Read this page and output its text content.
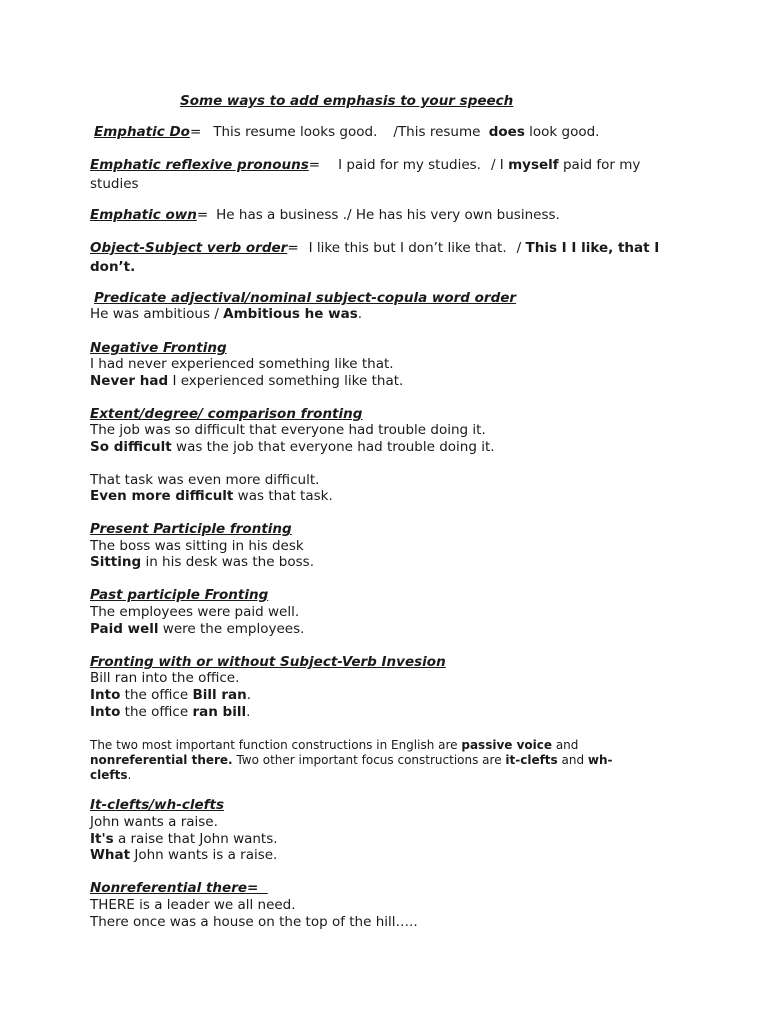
Some ways to add emphasis to your speech
Emphatic Do= This resume looks good. /This resume does look good.
Emphatic reflexive pronouns= I paid for my studies. / I myself paid for my
studies
Emphatic own= He has a business ./ He has his very own business.
Object-Subject verb order= I like this but I don’t like that. / This I I like, that I
don’t.
Predicate adjectival/nominal subject-copula word order
He was ambitious / Ambitious he was.
Negative Fronting
I had never experienced something like that.
Never had I experienced something like that.
Extent/degree/ comparison fronting
The job was so difficult that everyone had trouble doing it.
So difficult was the job that everyone had trouble doing it.
That task was even more difficult.
Even more difficult was that task.
Present Participle fronting
The boss was sitting in his desk
Sitting in his desk was the boss.
Past participle Fronting
The employees were paid well.
Paid well were the employees.
Fronting with or without Subject-Verb Invesion
Bill ran into the office.
Into the office Bill ran.
Into the office ran bill.
The two most important function constructions in English are passive voice and
nonreferential there. Two other important focus constructions are it-clefts and wh-
clefts.
It-clefts/wh-clefts
John wants a raise.
It's a raise that John wants.
What John wants is a raise.
Nonreferential there=
THERE is a leader we all need.
There once was a house on the top of the hill…..
